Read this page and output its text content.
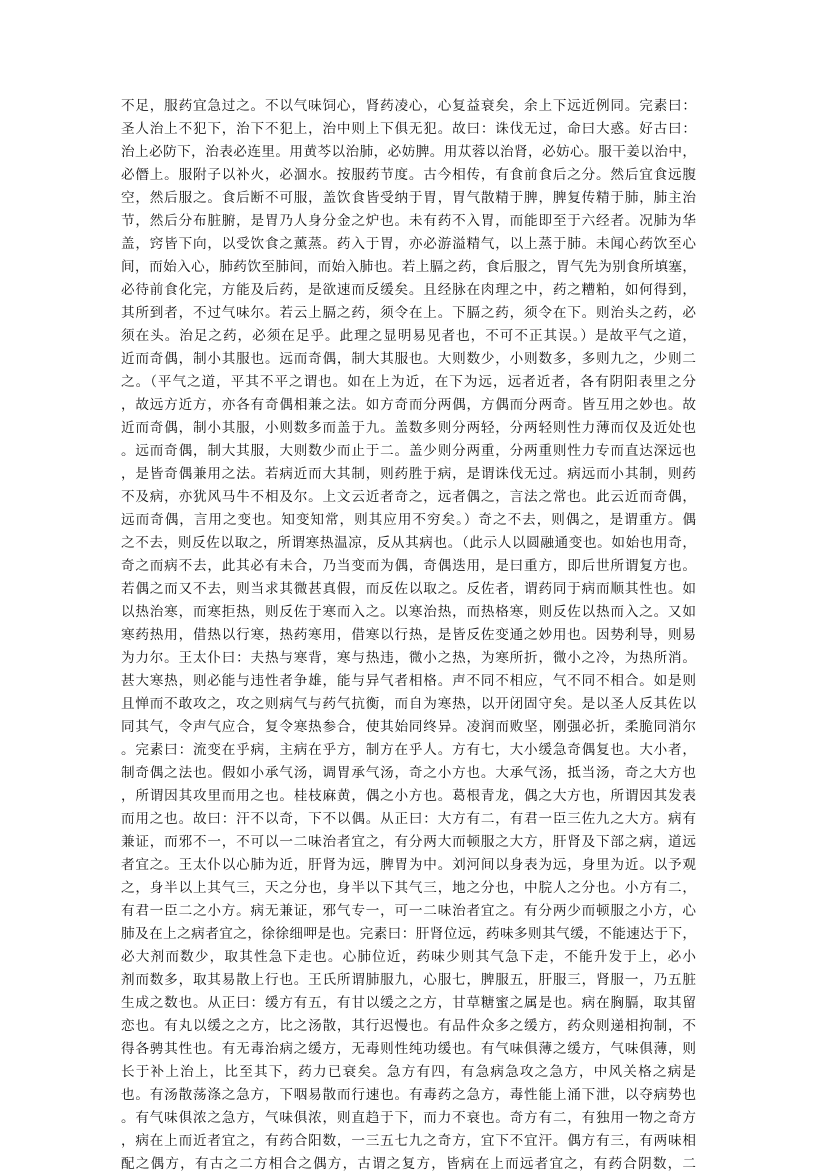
不足，服药宜急过之。不以气味饲心，肾药凌心，心复益衰矣，余上下远近例同。完素曰：
圣人治上不犯下，治下不犯上，治中则上下俱无犯。故曰：诛伐无过，命曰大惑。好古曰：
治上必防下，治表必连里。用黄芩以治肺，必妨脾。用苁蓉以治肾，必妨心。服干姜以治中，
必僭上。服附子以补火，必涸水。按服药节度。古今相传，有食前食后之分。然后宜食远腹
空，然后服之。食后断不可服，盖饮食皆受纳于胃，胃气散精于脾，脾复传精于肺，肺主治
节，然后分布脏腑，是胃乃人身分金之炉也。未有药不入胃，而能即至于六经者。况肺为华
盖，窍皆下向，以受饮食之薰蒸。药入于胃，亦必游溢精气，以上蒸于肺。未闻心药饮至心
间，而始入心，肺药饮至肺间，而始入肺也。若上膈之药，食后服之，胃气先为别食所填塞，
必待前食化完，方能及后药，是欲速而反缓矣。且经脉在肉理之中，药之糟粕，如何得到，
其所到者，不过气味尔。若云上膈之药，须令在上。下膈之药，须令在下。则治头之药，必
须在头。治足之药，必须在足乎。此理之显明易见者也，不可不正其误。）是故平气之道，
近而奇偶，制小其服也。远而奇偶，制大其服也。大则数少，小则数多，多则九之，少则二
之。（平气之道，平其不平之谓也。如在上为近，在下为远，远者近者，各有阴阳表里之分
，故远方近方，亦各有奇偶相兼之法。如方奇而分两偶，方偶而分两奇。皆互用之妙也。故
近而奇偶，制小其服，小则数多而盖于九。盖数多则分两轻，分两轻则性力薄而仅及近处也
。远而奇偶，制大其服，大则数少而止于二。盖少则分两重，分两重则性力专而直达深远也
，是皆奇偶兼用之法。若病近而大其制，则药胜于病，是谓诛伐无过。病远而小其制，则药
不及病，亦犹风马牛不相及尔。上文云近者奇之，远者偶之，言法之常也。此云近而奇偶，
远而奇偶，言用之变也。知变知常，则其应用不穷矣。）奇之不去，则偶之，是谓重方。偶
之不去，则反佐以取之，所谓寒热温凉，反从其病也。（此示人以圆融通变也。如始也用奇，
奇之而病不去，此其必有未合，乃当变而为偶，奇偶迭用，是曰重方，即后世所谓复方也。
若偶之而又不去，则当求其微甚真假，而反佐以取之。反佐者，谓药同于病而顺其性也。如
以热治寒，而寒拒热，则反佐于寒而入之。以寒治热，而热格寒，则反佐以热而入之。又如
寒药热用，借热以行寒，热药寒用，借寒以行热，是皆反佐变通之妙用也。因势利导，则易
为力尔。王太仆曰：夫热与寒背，寒与热违，微小之热，为寒所折，微小之冷，为热所消。
甚大寒热，则必能与违性者争雄，能与异气者相格。声不同不相应，气不同不相合。如是则
且惮而不敢攻之，攻之则病气与药气抗衡，而自为寒热，以开闭固守矣。是以圣人反其佐以
同其气，令声气应合，复令寒热参合，使其始同终异。凌润而败坚，刚强必折，柔脆同消尔
。完素曰：流变在乎病，主病在乎方，制方在乎人。方有七，大小缓急奇偶复也。大小者，
制奇偶之法也。假如小承气汤，调胃承气汤，奇之小方也。大承气汤，抵当汤，奇之大方也
，所谓因其攻里而用之也。桂枝麻黄，偶之小方也。葛根青龙，偶之大方也，所谓因其发表
而用之也。故曰：汗不以奇，下不以偶。从正曰：大方有二，有君一臣三佐九之大方。病有
兼证，而邪不一，不可以一二味治者宜之，有分两大而顿服之大方，肝肾及下部之病，道远
者宜之。王太仆以心肺为近，肝肾为远，脾胃为中。刘河间以身表为远，身里为近。以予观
之，身半以上其气三，天之分也，身半以下其气三，地之分也，中脘人之分也。小方有二，
有君一臣二之小方。病无兼证，邪气专一，可一二味治者宜之。有分两少而顿服之小方，心
肺及在上之病者宜之，徐徐细呷是也。完素曰：肝肾位远，药味多则其气缓，不能速达于下，
必大剂而数少，取其性急下走也。心肺位近，药味少则其气急下走，不能升发于上，必小
剂而数多，取其易散上行也。王氏所谓肺服九，心服七，脾服五，肝服三，肾服一，乃五脏
生成之数也。从正曰：缓方有五，有甘以缓之之方，甘草糖蜜之属是也。病在胸膈，取其留
恋也。有丸以缓之之方，比之汤散，其行迟慢也。有品件众多之缓方，药众则递相拘制，不
得各骋其性也。有无毒治病之缓方，无毒则性纯功缓也。有气味俱薄之缓方，气味俱薄，则
长于补上治上，比至其下，药力已衰矣。急方有四，有急病急攻之急方，中风关格之病是
也。有汤散荡涤之急方，下咽易散而行速也。有毒药之急方，毒性能上涌下泄，以夺病势也
。有气味俱浓之急方，气味俱浓，则直趋于下，而力不衰也。奇方有二，有独用一物之奇方
，病在上而近者宜之，有药合阳数，一三五七九之奇方，宜下不宜汗。偶方有三，有两味相
配之偶方，有古之二方相合之偶方，古谓之复方，皆病在上而远者宜之，有药合阴数，二
